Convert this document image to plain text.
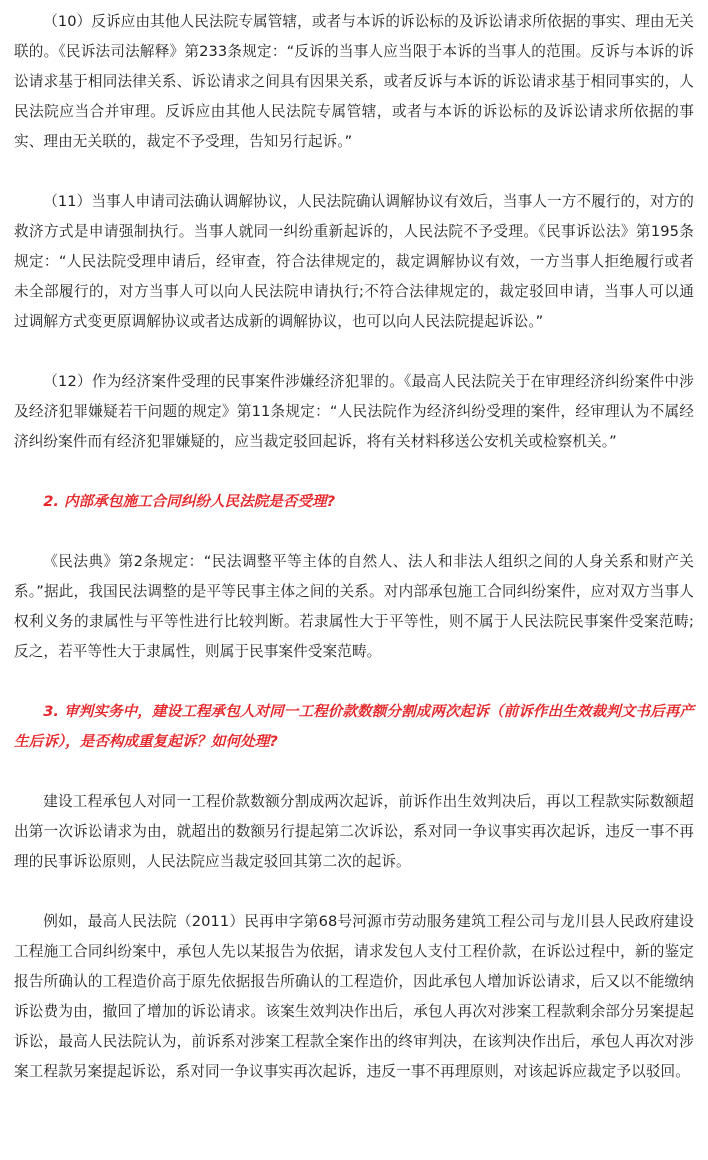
（10）反诉应由其他人民法院专属管辖，或者与本诉的诉讼标的及诉讼请求所依据的事实、理由无关联的。《民诉法司法解释》第233条规定：“反诉的当事人应当限于本诉的当事人的范围。反诉与本诉的诉讼请求基于相同法律关系、诉讼请求之间具有因果关系，或者反诉与本诉的诉讼请求基于相同事实的，人民法院应当合并审理。反诉应由其他人民法院专属管辖，或者与本诉的诉讼标的及诉讼请求所依据的事实、理由无关联的，裁定不予受理，告知另行起诉。”

（11）当事人申请司法确认调解协议，人民法院确认调解协议有效后，当事人一方不履行的，对方的救济方式是申请强制执行。当事人就同一纠纷重新起诉的，人民法院不予受理。《民事诉讼法》第195条规定：“人民法院受理申请后，经审查，符合法律规定的，裁定调解协议有效，一方当事人拒绝履行或者未全部履行的，对方当事人可以向人民法院申请执行;不符合法律规定的，裁定驳回申请，当事人可以通过调解方式变更原调解协议或者达成新的调解协议，也可以向人民法院提起诉讼。”

（12）作为经济案件受理的民事案件涉嫌经济犯罪的。《最高人民法院关于在审理经济纠纷案件中涉及经济犯罪嫌疑若干问题的规定》第11条规定：“人民法院作为经济纠纷受理的案件，经审理认为不属经济纠纷案件而有经济犯罪嫌疑的，应当裁定驳回起诉，将有关材料移送公安机关或检察机关。”

2. 内部承包施工合同纠纷人民法院是否受理?

《民法典》第2条规定：“民法调整平等主体的自然人、法人和非法人组织之间的人身关系和财产关系。”据此，我国民法调整的是平等民事主体之间的关系。对内部承包施工合同纠纷案件，应对双方当事人权利义务的隶属性与平等性进行比较判断。若隶属性大于平等性，则不属于人民法院民事案件受案范畴;反之，若平等性大于隶属性，则属于民事案件受案范畴。

3. 审判实务中，建设工程承包人对同一工程价款数额分割成两次起诉（前诉作出生效裁判文书后再产生后诉），是否构成重复起诉？如何处理?

建设工程承包人对同一工程价款数额分割成两次起诉，前诉作出生效判决后，再以工程款实际数额超出第一次诉讼请求为由，就超出的数额另行提起第二次诉讼，系对同一争议事实再次起诉，违反一事不再理的民事诉讼原则，人民法院应当裁定驳回其第二次的起诉。

例如，最高人民法院（2011）民再申字第68号河源市劳动服务建筑工程公司与龙川县人民政府建设工程施工合同纠纷案中，承包人先以某报告为依据，请求发包人支付工程价款，在诉讼过程中，新的鉴定报告所确认的工程造价高于原先依据报告所确认的工程造价，因此承包人增加诉讼请求，后又以不能缴纳诉讼费为由，撤回了增加的诉讼请求。该案生效判决作出后，承包人再次对涉案工程款剩余部分另案提起诉讼，最高人民法院认为，前诉系对涉案工程款全案作出的终审判决，在该判决作出后，承包人再次对涉案工程款另案提起诉讼，系对同一争议事实再次起诉，违反一事不再理原则，对该起诉应裁定予以驳回。
